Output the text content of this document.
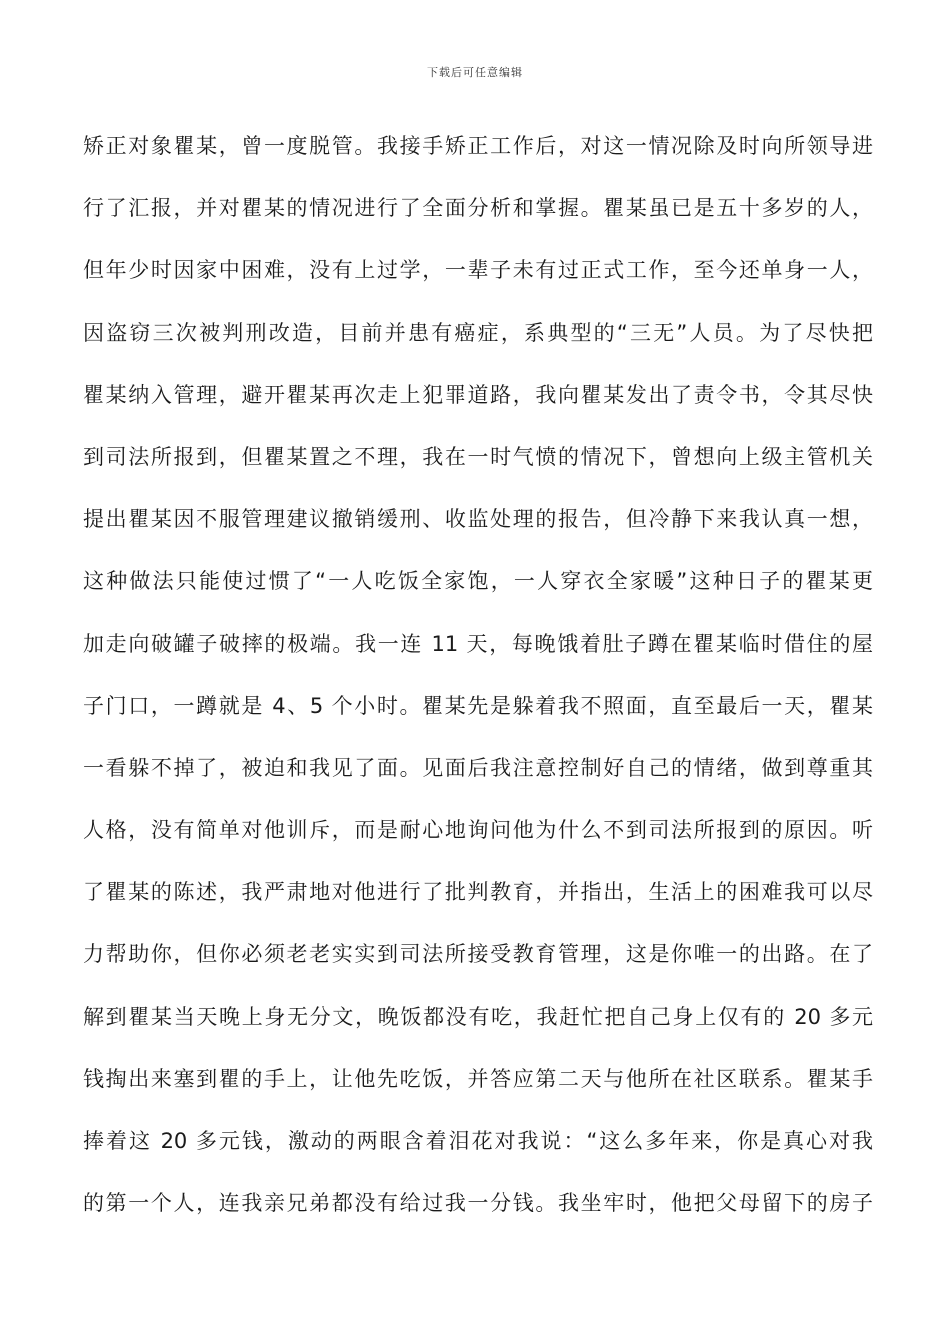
下载后可任意编辑
矫正对象瞿某，曾一度脱管。我接手矫正工作后，对这一情况除及时向所领导进
行了汇报，并对瞿某的情况进行了全面分析和掌握。瞿某虽已是五十多岁的人，
但年少时因家中困难，没有上过学，一辈子未有过正式工作，至今还单身一人，
因盗窃三次被判刑改造，目前并患有癌症，系典型的“三无”人员。为了尽快把
瞿某纳入管理，避开瞿某再次走上犯罪道路，我向瞿某发出了责令书，令其尽快
到司法所报到，但瞿某置之不理，我在一时气愤的情况下，曾想向上级主管机关
提出瞿某因不服管理建议撤销缓刑、收监处理的报告，但冷静下来我认真一想，
这种做法只能使过惯了“一人吃饭全家饱，一人穿衣全家暖”这种日子的瞿某更
加走向破罐子破摔的极端。我一连 11 天，每晚饿着肚子蹲在瞿某临时借住的屋
子门口，一蹲就是 4、5 个小时。瞿某先是躲着我不照面，直至最后一天，瞿某
一看躲不掉了，被迫和我见了面。见面后我注意控制好自己的情绪，做到尊重其
人格，没有简单对他训斥，而是耐心地询问他为什么不到司法所报到的原因。听
了瞿某的陈述，我严肃地对他进行了批判教育，并指出，生活上的困难我可以尽
力帮助你，但你必须老老实实到司法所接受教育管理，这是你唯一的出路。在了
解到瞿某当天晚上身无分文，晚饭都没有吃，我赶忙把自己身上仅有的 20 多元
钱掏出来塞到瞿的手上，让他先吃饭，并答应第二天与他所在社区联系。瞿某手
捧着这 20 多元钱，激动的两眼含着泪花对我说：“这么多年来，你是真心对我
的第一个人，连我亲兄弟都没有给过我一分钱。我坐牢时，他把父母留下的房子
